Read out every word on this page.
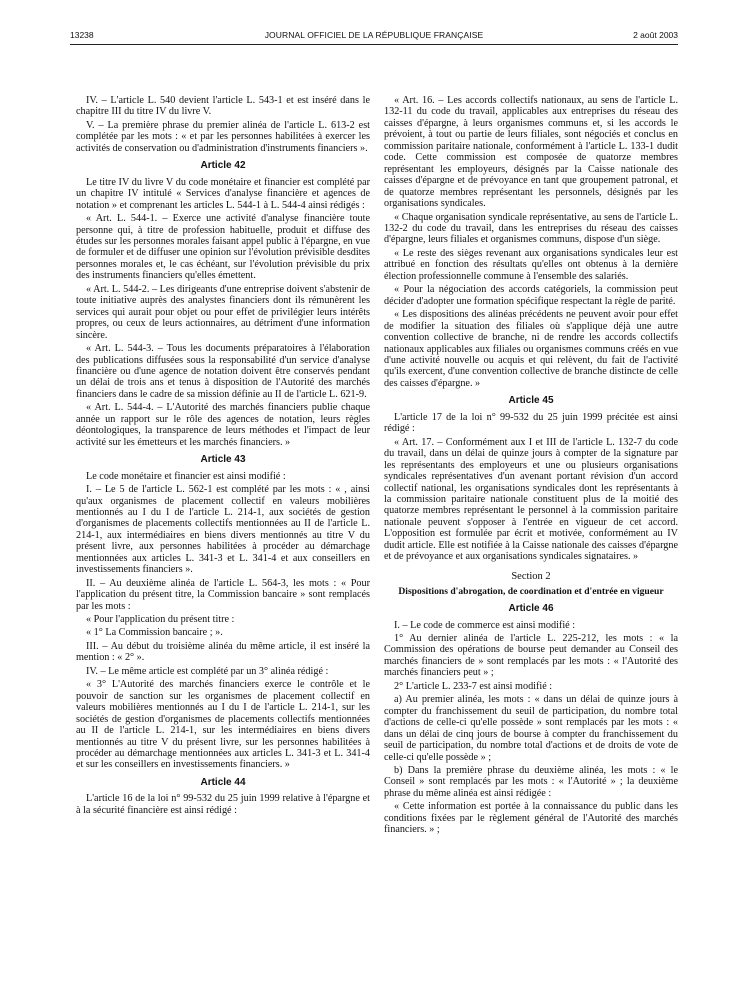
13238	JOURNAL OFFICIEL DE LA RÉPUBLIQUE FRANÇAISE	2 août 2003

IV. – L'article L. 540 devient l'article L. 543-1 et est inséré dans le chapitre III du titre IV du livre V.

V. – La première phrase du premier alinéa de l'article L. 613-2 est complétée par les mots : « et par les personnes habilitées à exercer les activités de conservation ou d'administration d'instruments financiers ».

Article 42

Le titre IV du livre V du code monétaire et financier est complété par un chapitre IV intitulé « Services d'analyse financière et agences de notation » et comprenant les articles L. 544-1 à L. 544-4 ainsi rédigés :

« Art. L. 544-1. – Exerce une activité d'analyse financière toute personne qui, à titre de profession habituelle, produit et diffuse des études sur les personnes morales faisant appel public à l'épargne, en vue de formuler et de diffuser une opinion sur l'évolution prévisible desdites personnes morales et, le cas échéant, sur l'évolution prévisible du prix des instruments financiers qu'elles émettent.

« Art. L. 544-2. – Les dirigeants d'une entreprise doivent s'abstenir de toute initiative auprès des analystes financiers dont ils rémunèrent les services qui aurait pour objet ou pour effet de privilégier leurs intérêts propres, ou ceux de leurs actionnaires, au détriment d'une information sincère.

« Art. L. 544-3. – Tous les documents préparatoires à l'élaboration des publications diffusées sous la responsabilité d'un service d'analyse financière ou d'une agence de notation doivent être conservés pendant un délai de trois ans et tenus à disposition de l'Autorité des marchés financiers dans le cadre de sa mission définie au II de l'article L. 621-9.

« Art. L. 544-4. – L'Autorité des marchés financiers publie chaque année un rapport sur le rôle des agences de notation, leurs règles déontologiques, la transparence de leurs méthodes et l'impact de leur activité sur les émetteurs et les marchés financiers. »

Article 43

Le code monétaire et financier est ainsi modifié :

I. – Le 5 de l'article L. 562-1 est complété par les mots : « , ainsi qu'aux organismes de placement collectif en valeurs mobilières mentionnés au I du I de l'article L. 214-1, aux sociétés de gestion d'organismes de placements collectifs mentionnées au II de l'article L. 214-1, aux intermédiaires en biens divers mentionnés au titre V du présent livre, aux personnes habilitées à procéder au démarchage mentionnées aux articles L. 341-3 et L. 341-4 et aux conseillers en investissements financiers ».

II. – Au deuxième alinéa de l'article L. 564-3, les mots : « Pour l'application du présent titre, la Commission bancaire » sont remplacés par les mots :

« Pour l'application du présent titre :

« 1° La Commission bancaire ; ».

III. – Au début du troisième alinéa du même article, il est inséré la mention : « 2° ».

IV. – Le même article est complété par un 3° alinéa rédigé :

« 3° L'Autorité des marchés financiers exerce le contrôle et le pouvoir de sanction sur les organismes de placement collectif en valeurs mobilières mentionnés au I du I de l'article L. 214-1, sur les sociétés de gestion d'organismes de placements collectifs mentionnées au II de l'article L. 214-1, sur les intermédiaires en biens divers mentionnés au titre V du présent livre, sur les personnes habilitées à procéder au démarchage mentionnées aux articles L. 341-3 et L. 341-4 et sur les conseillers en investissements financiers. »

Article 44

L'article 16 de la loi n° 99-532 du 25 juin 1999 relative à l'épargne et à la sécurité financière est ainsi rédigé :

« Art. 16. – Les accords collectifs nationaux, au sens de l'article L. 132-11 du code du travail, applicables aux entreprises du réseau des caisses d'épargne, à leurs organismes communs et, si les accords le prévoient, à tout ou partie de leurs filiales, sont négociés et conclus en commission paritaire nationale, conformément à l'article L. 133-1 dudit code. Cette commission est composée de quatorze membres représentant les employeurs, désignés par la Caisse nationale des caisses d'épargne et de prévoyance en tant que groupement patronal, et de quatorze membres représentant les personnels, désignés par les organisations syndicales.

« Chaque organisation syndicale représentative, au sens de l'article L. 132-2 du code du travail, dans les entreprises du réseau des caisses d'épargne, leurs filiales et organismes communs, dispose d'un siège.

« Le reste des sièges revenant aux organisations syndicales leur est attribué en fonction des résultats qu'elles ont obtenus à la dernière élection professionnelle commune à l'ensemble des salariés.

« Pour la négociation des accords catégoriels, la commission peut décider d'adopter une formation spécifique respectant la règle de parité.

« Les dispositions des alinéas précédents ne peuvent avoir pour effet de modifier la situation des filiales où s'applique déjà une autre convention collective de branche, ni de rendre les accords collectifs nationaux applicables aux filiales ou organismes communs créés en vue d'une activité nouvelle ou acquis et qui relèvent, du fait de l'activité qu'ils exercent, d'une convention collective de branche distincte de celle des caisses d'épargne. »

Article 45

L'article 17 de la loi n° 99-532 du 25 juin 1999 précitée est ainsi rédigé :

« Art. 17. – Conformément aux I et III de l'article L. 132-7 du code du travail, dans un délai de quinze jours à compter de la signature par les représentants des employeurs et une ou plusieurs organisations syndicales représentatives d'un avenant portant révision d'un accord collectif national, les organisations syndicales dont les représentants à la commission paritaire nationale constituent plus de la moitié des quatorze membres représentant le personnel à la commission paritaire nationale peuvent s'opposer à l'entrée en vigueur de cet accord. L'opposition est formulée par écrit et motivée, conformément au IV dudit article. Elle est notifiée à la Caisse nationale des caisses d'épargne et de prévoyance et aux organisations syndicales signataires. »

Section 2
Dispositions d'abrogation, de coordination et d'entrée en vigueur
Article 46

I. – Le code de commerce est ainsi modifié :

1° Au dernier alinéa de l'article L. 225-212, les mots : « la Commission des opérations de bourse peut demander au Conseil des marchés financiers de » sont remplacés par les mots : « l'Autorité des marchés financiers peut » ;

2° L'article L. 233-7 est ainsi modifié :

a) Au premier alinéa, les mots : « dans un délai de quinze jours à compter du franchissement du seuil de participation, du nombre total d'actions de celle-ci qu'elle possède » sont remplacés par les mots : « dans un délai de cinq jours de bourse à compter du franchissement du seuil de participation, du nombre total d'actions et de droits de vote de celle-ci qu'elle possède » ;

b) Dans la première phrase du deuxième alinéa, les mots : « le Conseil » sont remplacés par les mots : « l'Autorité » ; la deuxième phrase du même alinéa est ainsi rédigée :

« Cette information est portée à la connaissance du public dans les conditions fixées par le règlement général de l'Autorité des marchés financiers. » ;
